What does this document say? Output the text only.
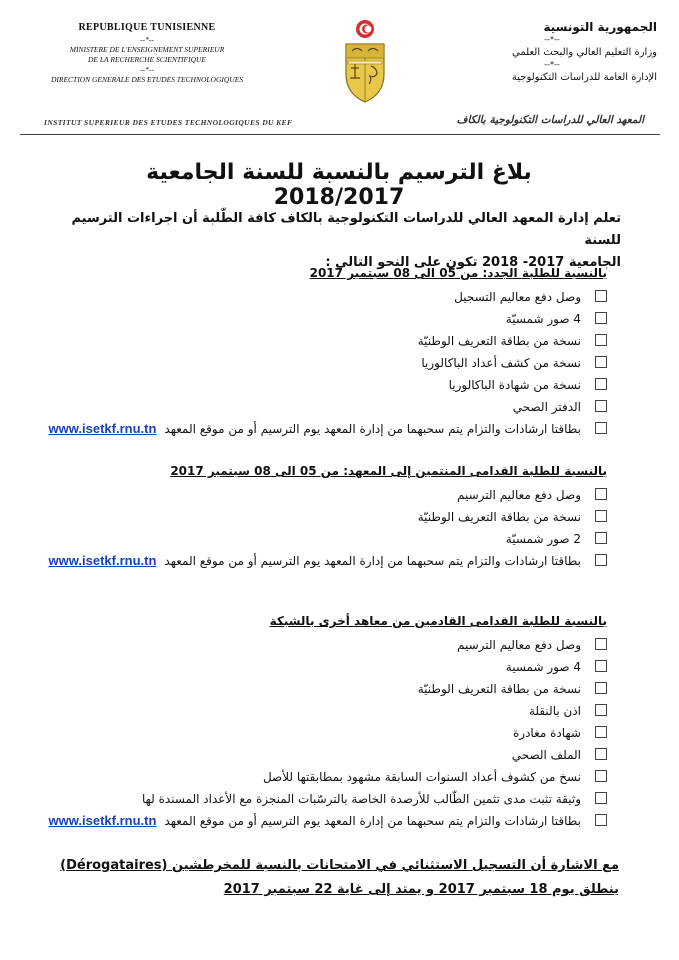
REPUBLIQUE TUNISIENNE
--*--
MINISTERE DE L'ENSEIGNEMENT SUPERIEUR
DE LA RECHERCHE SCIENTIFIQUE
--*--
DIRECTION GENERALE DES ETUDES TECHNOLOGIQUES
الجمهورية التونسية
--*--
وزارة التعليم العالي والبحث العلمي
--*--
الإدارة العامة للدراسات التكنولوجية
INSTITUT SUPERIEUR DES ETUDES TECHNOLOGIQUES DU KEF	المعهد العالي للدراسات التكنولوجية بالكاف
بلاغ الترسيم بالنسبة للسنة الجامعية 2018/2017
تعلم إدارة المعهد العالي للدراسات التكنولوجية بالكاف كافة الطّلبة أن اجراءات الترسيم للسنة
الجامعية 2017- 2018 تكون على النحو التالي :
بالنسبة للطلبة الجدد: من 05 الى 08 سبتمبر 2017
وصل دفع معاليم التسجيل
4 صور شمسيّة
نسخة من بطاقة التعريف الوطنيّة
نسخة من كشف أعداد الباكالوريا
نسخة من شهادة الباكالوريا
الدفتر الصحي
بطاقتا ارشادات والتزام يتم سحبهما من إدارة المعهد يوم الترسيم أو من موقع المعهدwww.isetkf.rnu.tn
بالنسبة للطلبة القدامى المنتمين إلى المعهد: من 05 الى 08 سبتمبر 2017
وصل دفع معاليم الترسيم
نسخة من بطاقة التعريف الوطنيّة
2 صور شمسيّة
بطاقتا ارشادات والتزام يتم سحبهما من إدارة المعهد يوم الترسيم أو من موقع المعهدwww.isetkf.rnu.tn
بالنسبة للطلبة القدامى القادمين من معاهد أخرى بالشبكة
وصل دفع معاليم الترسيم
4 صور شمسية
نسخة من بطاقة التعريف الوطنيّة
اذن بالنقلة
شهادة مغادرة
الملف الصحي
نسخ من كشوف أعداد السنوات السابقة مشهود بمطابقتها للأصل
وثيقة تثبت مدى تثمين الطّالب للأرصدة الخاصة بالترسّبات المنجزة مع الأعداد المسندة لها
بطاقتا ارشادات والتزام يتم سحبهما من إدارة المعهد يوم الترسيم أو من موقع المعهدwww.isetkf.rnu.tn
مع الاشارة أن التسجيل الاستثنائي في الامتحانات بالنسبة للمخرطشين (Dérogataires)
ينطلق يوم 18 سبتمبر 2017 و يمتد إلى غاية 22 سبتمبر 2017
